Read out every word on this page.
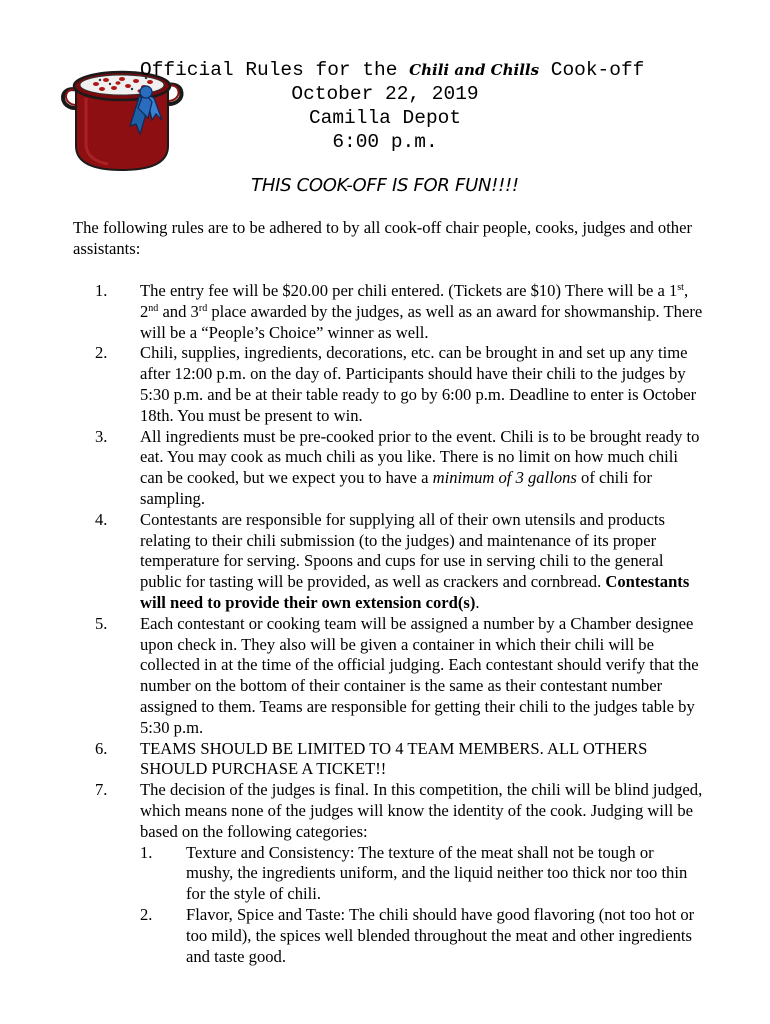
Official Rules for the Chili and Chills Cook-off
October 22, 2019
Camilla Depot
6:00 p.m.
THIS COOK-OFF IS FOR FUN!!!!
The following rules are to be adhered to by all cook-off chair people, cooks, judges and other assistants:
1. The entry fee will be $20.00 per chili entered. (Tickets are $10) There will be a 1st, 2nd and 3rd place awarded by the judges, as well as an award for showmanship. There will be a “People’s Choice” winner as well.
2. Chili, supplies, ingredients, decorations, etc. can be brought in and set up any time after 12:00 p.m. on the day of. Participants should have their chili to the judges by 5:30 p.m. and be at their table ready to go by 6:00 p.m. Deadline to enter is October 18th. You must be present to win.
3. All ingredients must be pre-cooked prior to the event. Chili is to be brought ready to eat. You may cook as much chili as you like. There is no limit on how much chili can be cooked, but we expect you to have a minimum of 3 gallons of chili for sampling.
4. Contestants are responsible for supplying all of their own utensils and products relating to their chili submission (to the judges) and maintenance of its proper temperature for serving. Spoons and cups for use in serving chili to the general public for tasting will be provided, as well as crackers and cornbread. Contestants will need to provide their own extension cord(s).
5. Each contestant or cooking team will be assigned a number by a Chamber designee upon check in. They also will be given a container in which their chili will be collected in at the time of the official judging. Each contestant should verify that the number on the bottom of their container is the same as their contestant number assigned to them. Teams are responsible for getting their chili to the judges table by 5:30 p.m.
6. TEAMS SHOULD BE LIMITED TO 4 TEAM MEMBERS. ALL OTHERS SHOULD PURCHASE A TICKET!!
7. The decision of the judges is final. In this competition, the chili will be blind judged, which means none of the judges will know the identity of the cook. Judging will be based on the following categories:
1. Texture and Consistency: The texture of the meat shall not be tough or mushy, the ingredients uniform, and the liquid neither too thick nor too thin for the style of chili.
2. Flavor, Spice and Taste: The chili should have good flavoring (not too hot or too mild), the spices well blended throughout the meat and other ingredients and taste good.
